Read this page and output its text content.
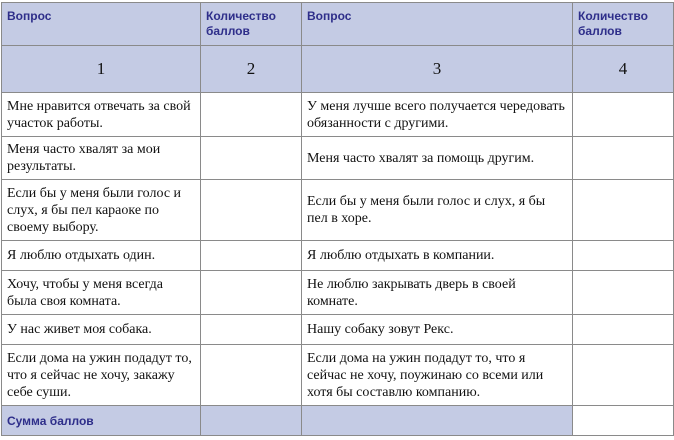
Вопрос	Количество баллов	Вопрос	Количество баллов
1	2	3	4
Мне нравится отвечать за свой участок работы.		У меня лучше всего получается чередовать обязанности с другими.	
Меня часто хвалят за мои результаты.		Меня часто хвалят за помощь другим.	
Если бы у меня были голос и слух, я бы пел караоке по своему выбору.		Если бы у меня были голос и слух, я бы пел в хоре.	
Я люблю отдыхать один.		Я люблю отдыхать в компании.	
Хочу, чтобы у меня всегда была своя комната.		Не люблю закрывать дверь в своей комнате.	
У нас живет моя собака.		Нашу собаку зовут Рекс.	
Если дома на ужин подадут то, что я сейчас не хочу, закажу себе суши.		Если дома на ужин подадут то, что я сейчас не хочу, поужинаю со всеми или хотя бы составлю компанию.	
Сумма баллов			
